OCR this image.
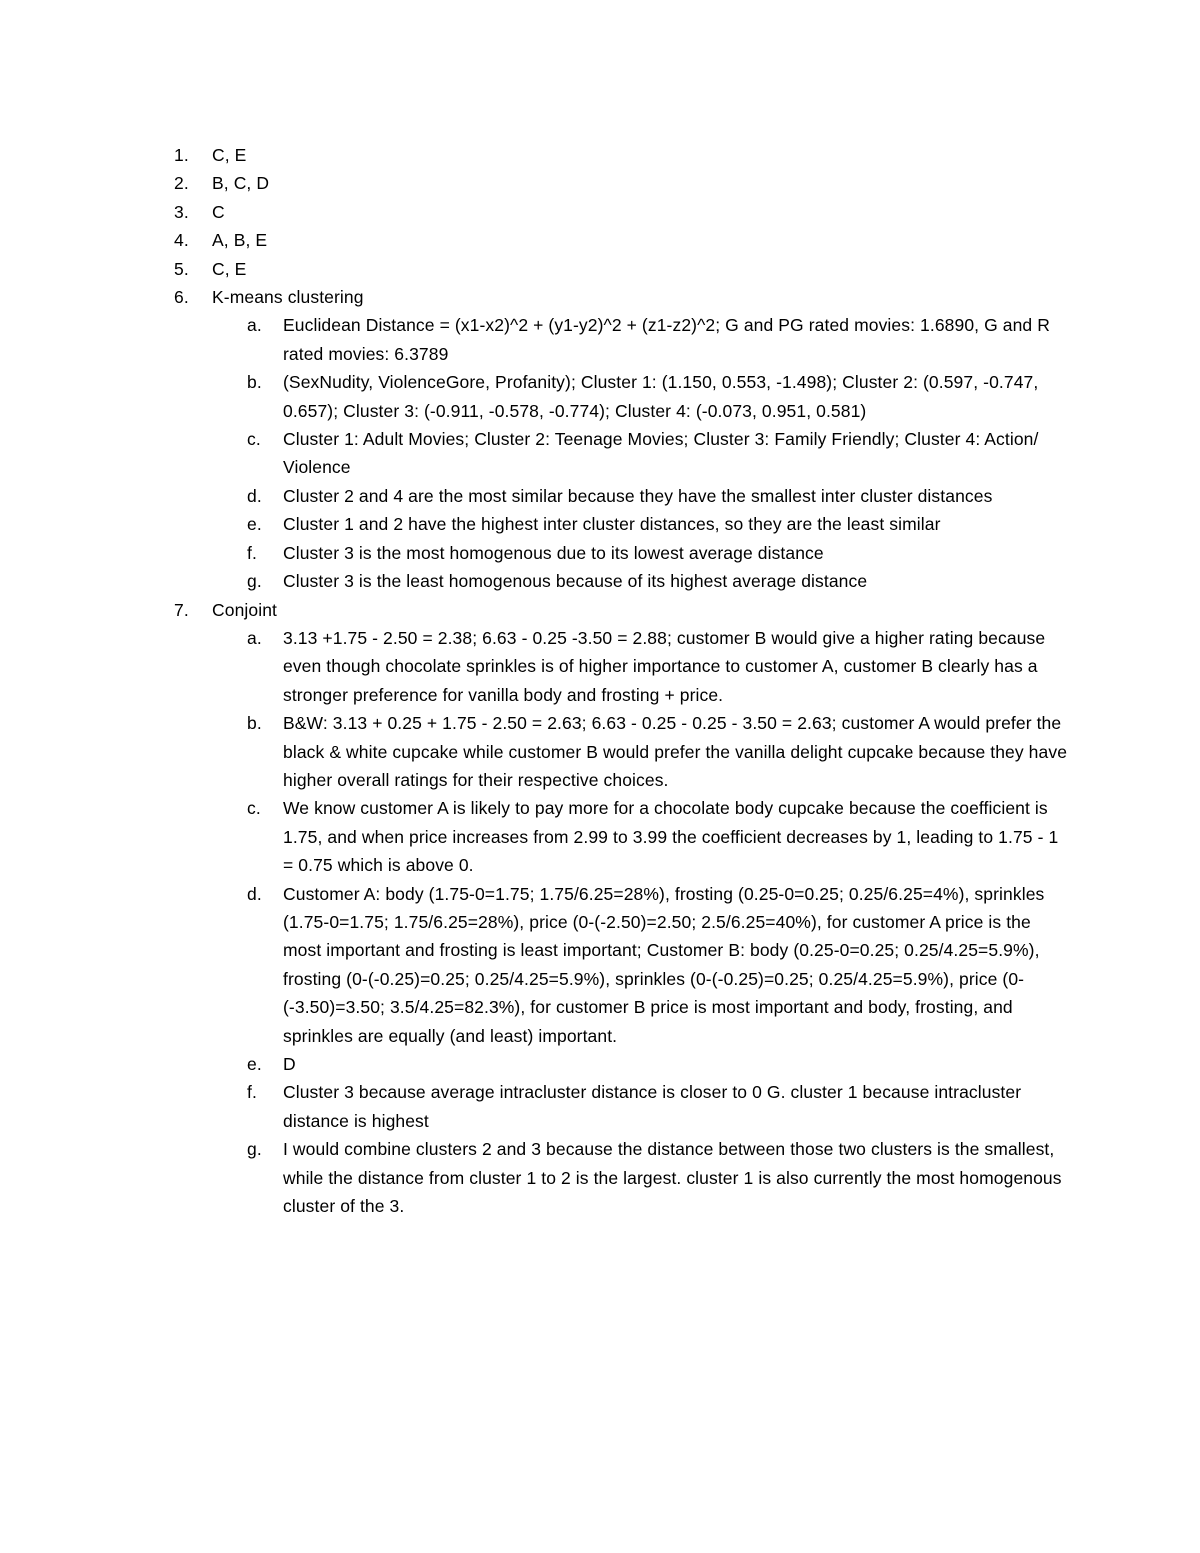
1. C, E
2. B, C, D
3. C
4. A, B, E
5. C, E
6. K-means clustering
a. Euclidean Distance = (x1-x2)^2 + (y1-y2)^2 + (z1-z2)^2; G and PG rated movies: 1.6890, G and R rated movies: 6.3789
b. (SexNudity, ViolenceGore, Profanity); Cluster 1: (1.150, 0.553, -1.498); Cluster 2: (0.597, -0.747, 0.657); Cluster 3: (-0.911, -0.578, -0.774); Cluster 4: (-0.073, 0.951, 0.581)
c. Cluster 1: Adult Movies; Cluster 2: Teenage Movies; Cluster 3: Family Friendly; Cluster 4: Action/ Violence
d. Cluster 2 and 4 are the most similar because they have the smallest inter cluster distances
e. Cluster 1 and 2 have the highest inter cluster distances, so they are the least similar
f. Cluster 3 is the most homogenous due to its lowest average distance
g. Cluster 3 is the least homogenous because of its highest average distance
7. Conjoint
a. 3.13 +1.75 - 2.50 = 2.38; 6.63 - 0.25 -3.50 = 2.88; customer B would give a higher rating because even though chocolate sprinkles is of higher importance to customer A, customer B clearly has a stronger preference for vanilla body and frosting + price.
b. B&W: 3.13 + 0.25 + 1.75 - 2.50 = 2.63; 6.63 - 0.25 - 0.25 - 3.50 = 2.63; customer A would prefer the black & white cupcake while customer B would prefer the vanilla delight cupcake because they have higher overall ratings for their respective choices.
c. We know customer A is likely to pay more for a chocolate body cupcake because the coefficient is 1.75, and when price increases from 2.99 to 3.99 the coefficient decreases by 1, leading to 1.75 - 1 = 0.75 which is above 0.
d. Customer A: body (1.75-0=1.75; 1.75/6.25=28%), frosting (0.25-0=0.25; 0.25/6.25=4%), sprinkles (1.75-0=1.75; 1.75/6.25=28%), price (0-(-2.50)=2.50; 2.5/6.25=40%), for customer A price is the most important and frosting is least important; Customer B: body (0.25-0=0.25; 0.25/4.25=5.9%), frosting (0-(-0.25)=0.25; 0.25/4.25=5.9%), sprinkles (0-(-0.25)=0.25; 0.25/4.25=5.9%), price (0-(-3.50)=3.50; 3.5/4.25=82.3%), for customer B price is most important and body, frosting, and sprinkles are equally (and least) important.
e. D
f. Cluster 3 because average intracluster distance is closer to 0 G. cluster 1 because intracluster distance is highest
g. I would combine clusters 2 and 3 because the distance between those two clusters is the smallest, while the distance from cluster 1 to 2 is the largest. cluster 1 is also currently the most homogenous cluster of the 3.
